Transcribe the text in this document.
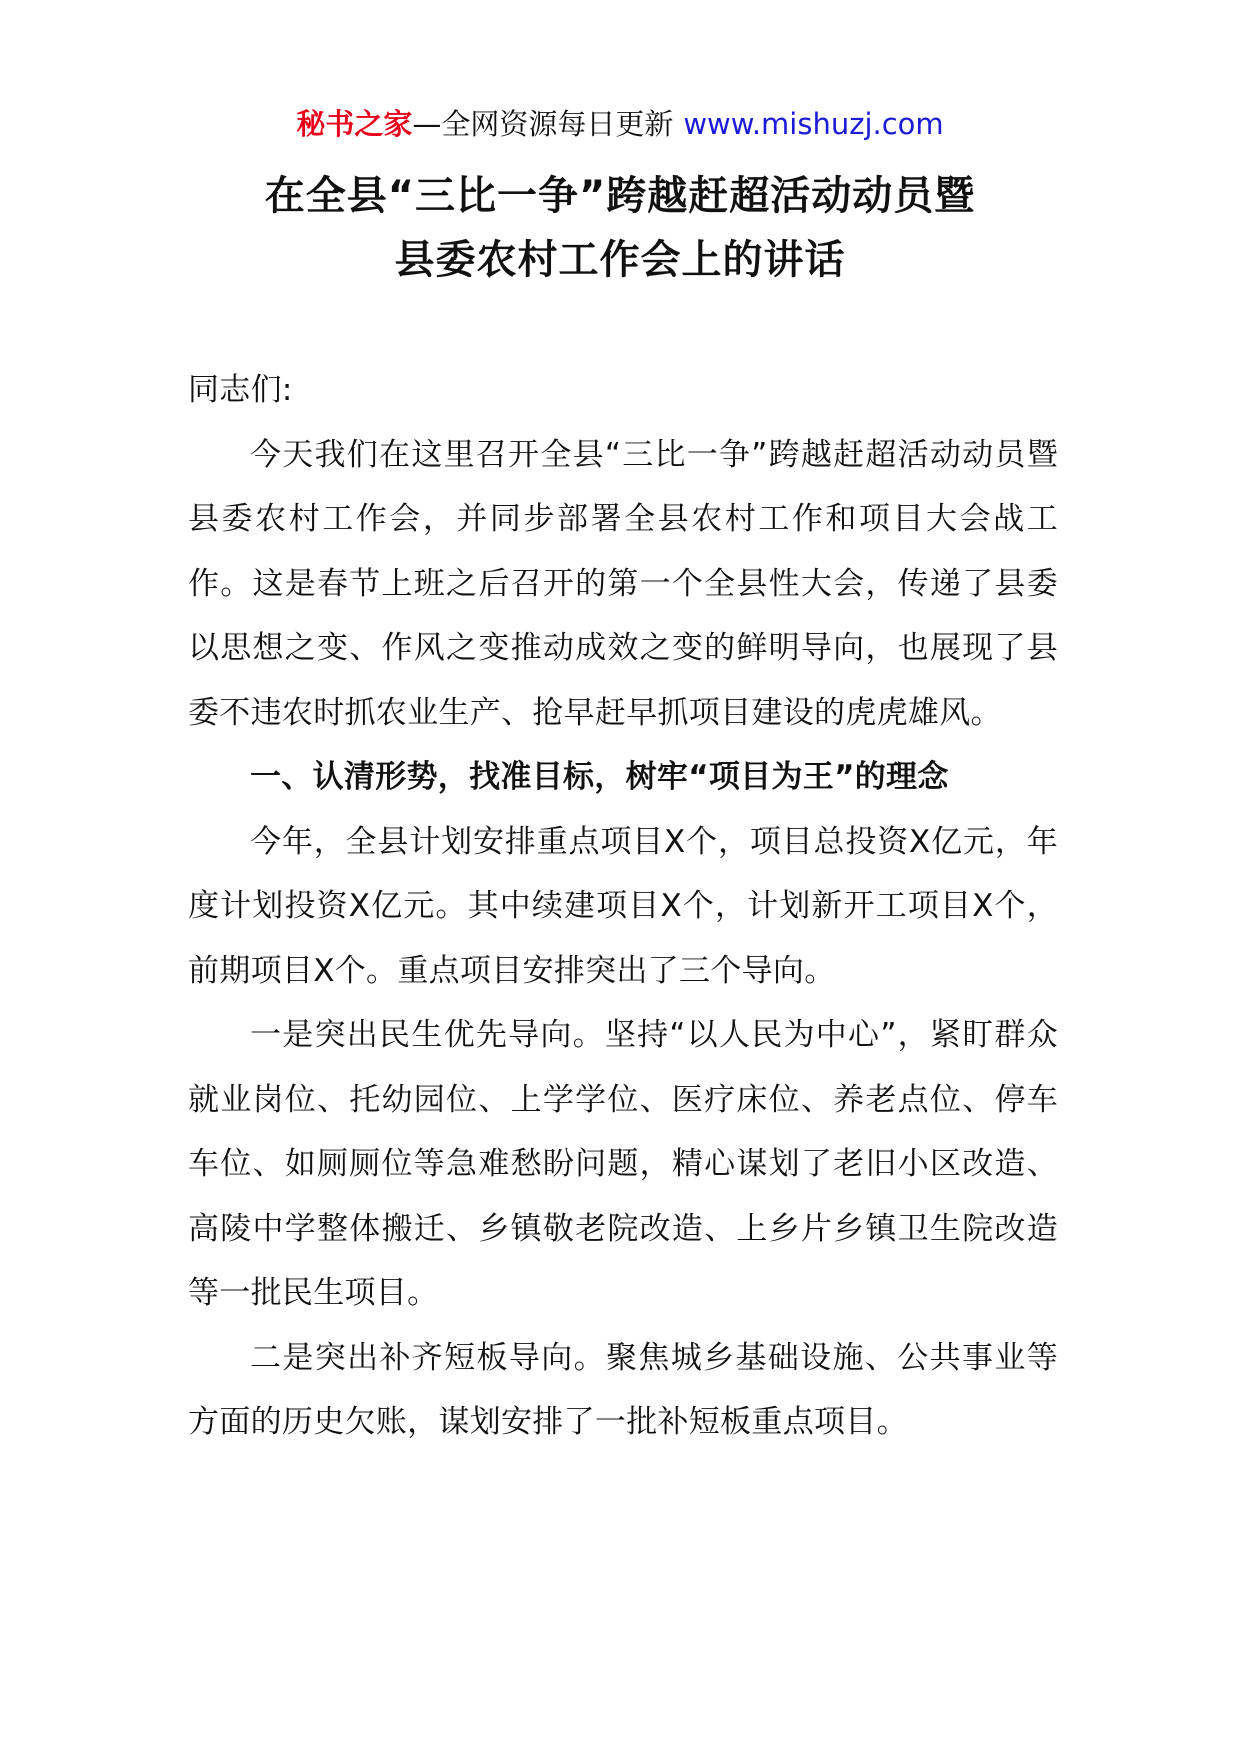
秘书之家—全网资源每日更新 www.mishuzj.com
在全县“三比一争”跨越赶超活动动员暨
县委农村工作会上的讲话

同志们:

今天我们在这里召开全县“三比一争”跨越赶超活动动员暨县委农村工作会，并同步部署全县农村工作和项目大会战工作。这是春节上班之后召开的第一个全县性大会，传递了县委以思想之变、作风之变推动成效之变的鲜明导向，也展现了县委不违农时抓农业生产、抢早赶早抓项目建设的虎虎雄风。

一、认清形势，找准目标，树牢“项目为王”的理念

今年，全县计划安排重点项目Ⅹ个，项目总投资Ⅹ亿元，年度计划投资Ⅹ亿元。其中续建项目Ⅹ个，计划新开工项目Ⅹ个，前期项目Ⅹ个。重点项目安排突出了三个导向。

一是突出民生优先导向。坚持“以人民为中心”，紧盯群众就业岗位、托幼园位、上学学位、医疗床位、养老点位、停车车位、如厕厕位等急难愁盼问题，精心谋划了老旧小区改造、高陵中学整体搬迁、乡镇敬老院改造、上乡片乡镇卫生院改造等一批民生项目。

二是突出补齐短板导向。聚焦城乡基础设施、公共事业等方面的历史欠账，谋划安排了一批补短板重点项目。
